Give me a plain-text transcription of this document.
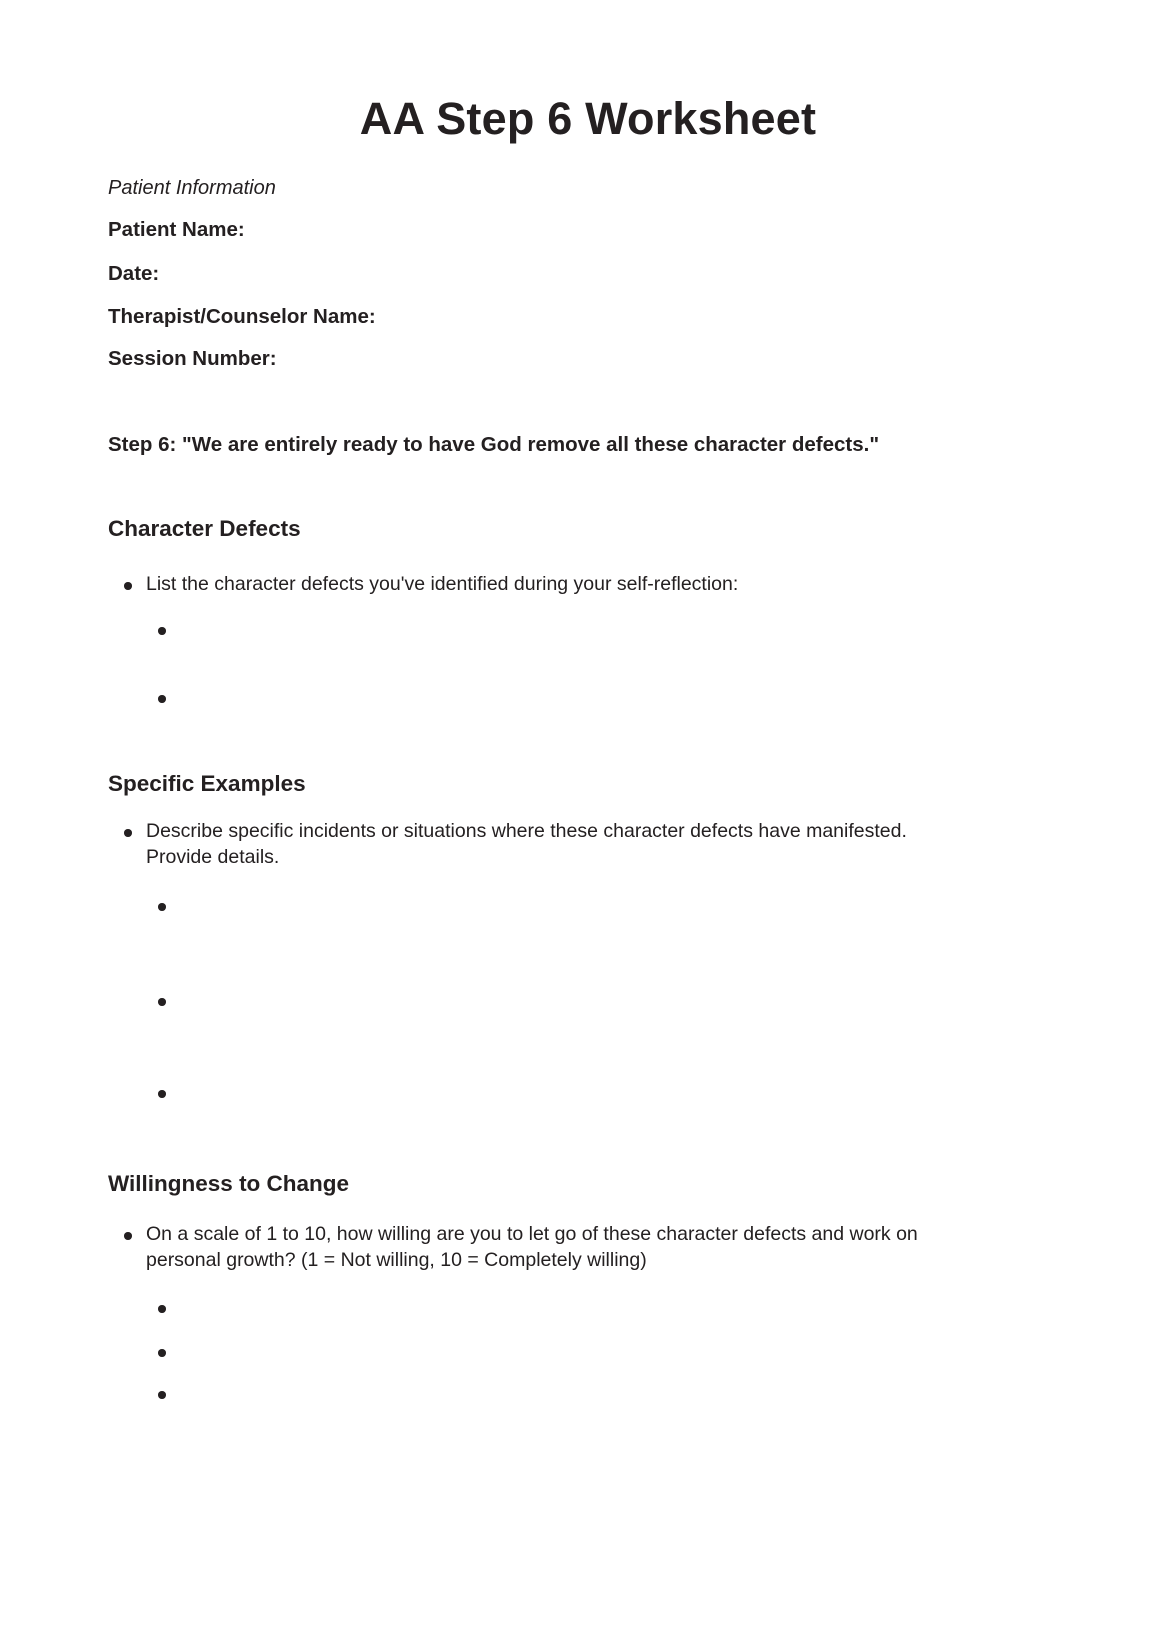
AA Step 6 Worksheet
Patient Information
Patient Name:
Date:
Therapist/Counselor Name:
Session Number:
Step 6: "We are entirely ready to have God remove all these character defects."
Character Defects
List the character defects you've identified during your self-reflection:
Specific Examples
Describe specific incidents or situations where these character defects have manifested.
Provide details.
Willingness to Change
On a scale of 1 to 10, how willing are you to let go of these character defects and work on
personal growth? (1 = Not willing, 10 = Completely willing)
